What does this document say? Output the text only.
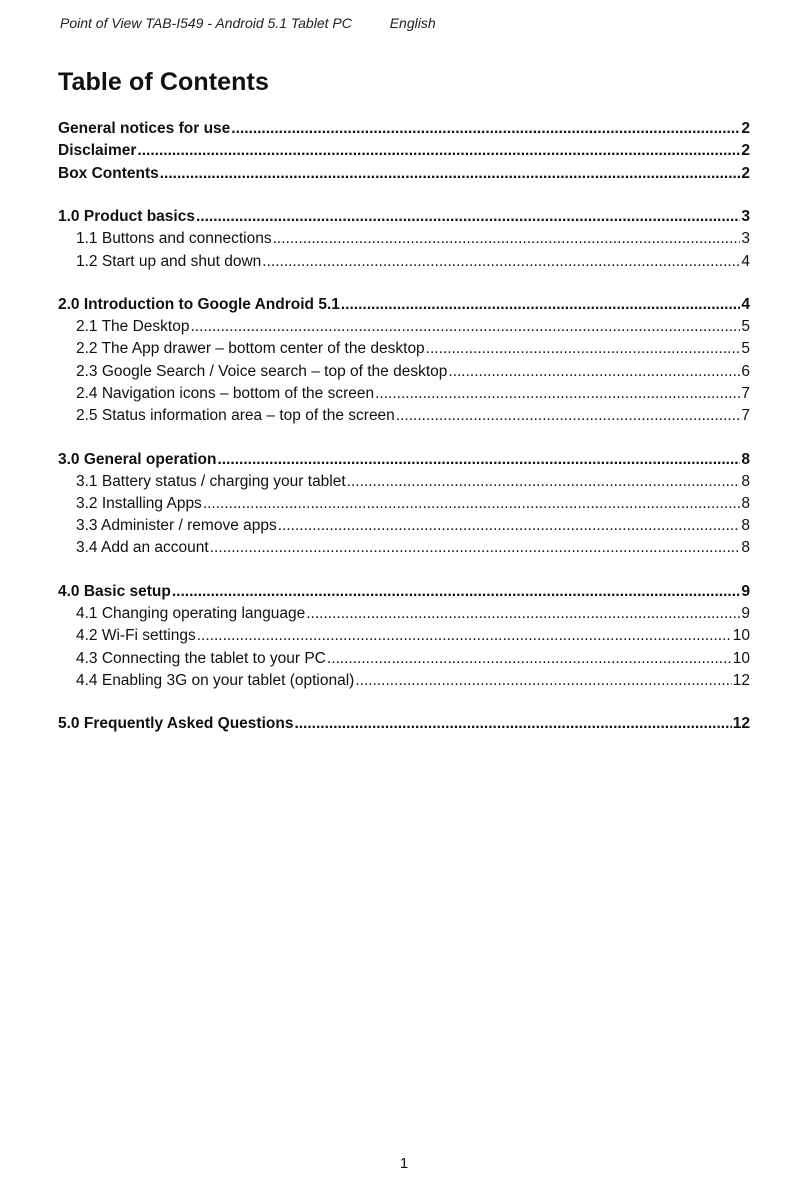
Point of View TAB-I549 - Android 5.1 Tablet PC	English
Table of Contents
General notices for use .....	2
Disclaimer .....	2
Box Contents .....	2
1.0 Product basics .....	3
1.1 Buttons and connections .....	3
1.2 Start up and shut down .....	4
2.0 Introduction to Google Android 5.1 .....	4
2.1 The Desktop .....	5
2.2 The App drawer – bottom center of the desktop .....	5
2.3 Google Search / Voice search – top of the desktop .....	6
2.4 Navigation icons – bottom of the screen .....	7
2.5 Status information area – top of the screen .....	7
3.0 General operation .....	8
3.1 Battery status / charging your tablet .....	8
3.2 Installing Apps .....	8
3.3 Administer / remove apps .....	8
3.4 Add an account .....	8
4.0 Basic setup .....	9
4.1 Changing operating language .....	9
4.2 Wi-Fi settings .....	10
4.3 Connecting the tablet to your PC .....	10
4.4 Enabling 3G on your tablet (optional) .....	12
5.0 Frequently Asked Questions .....	12
1
